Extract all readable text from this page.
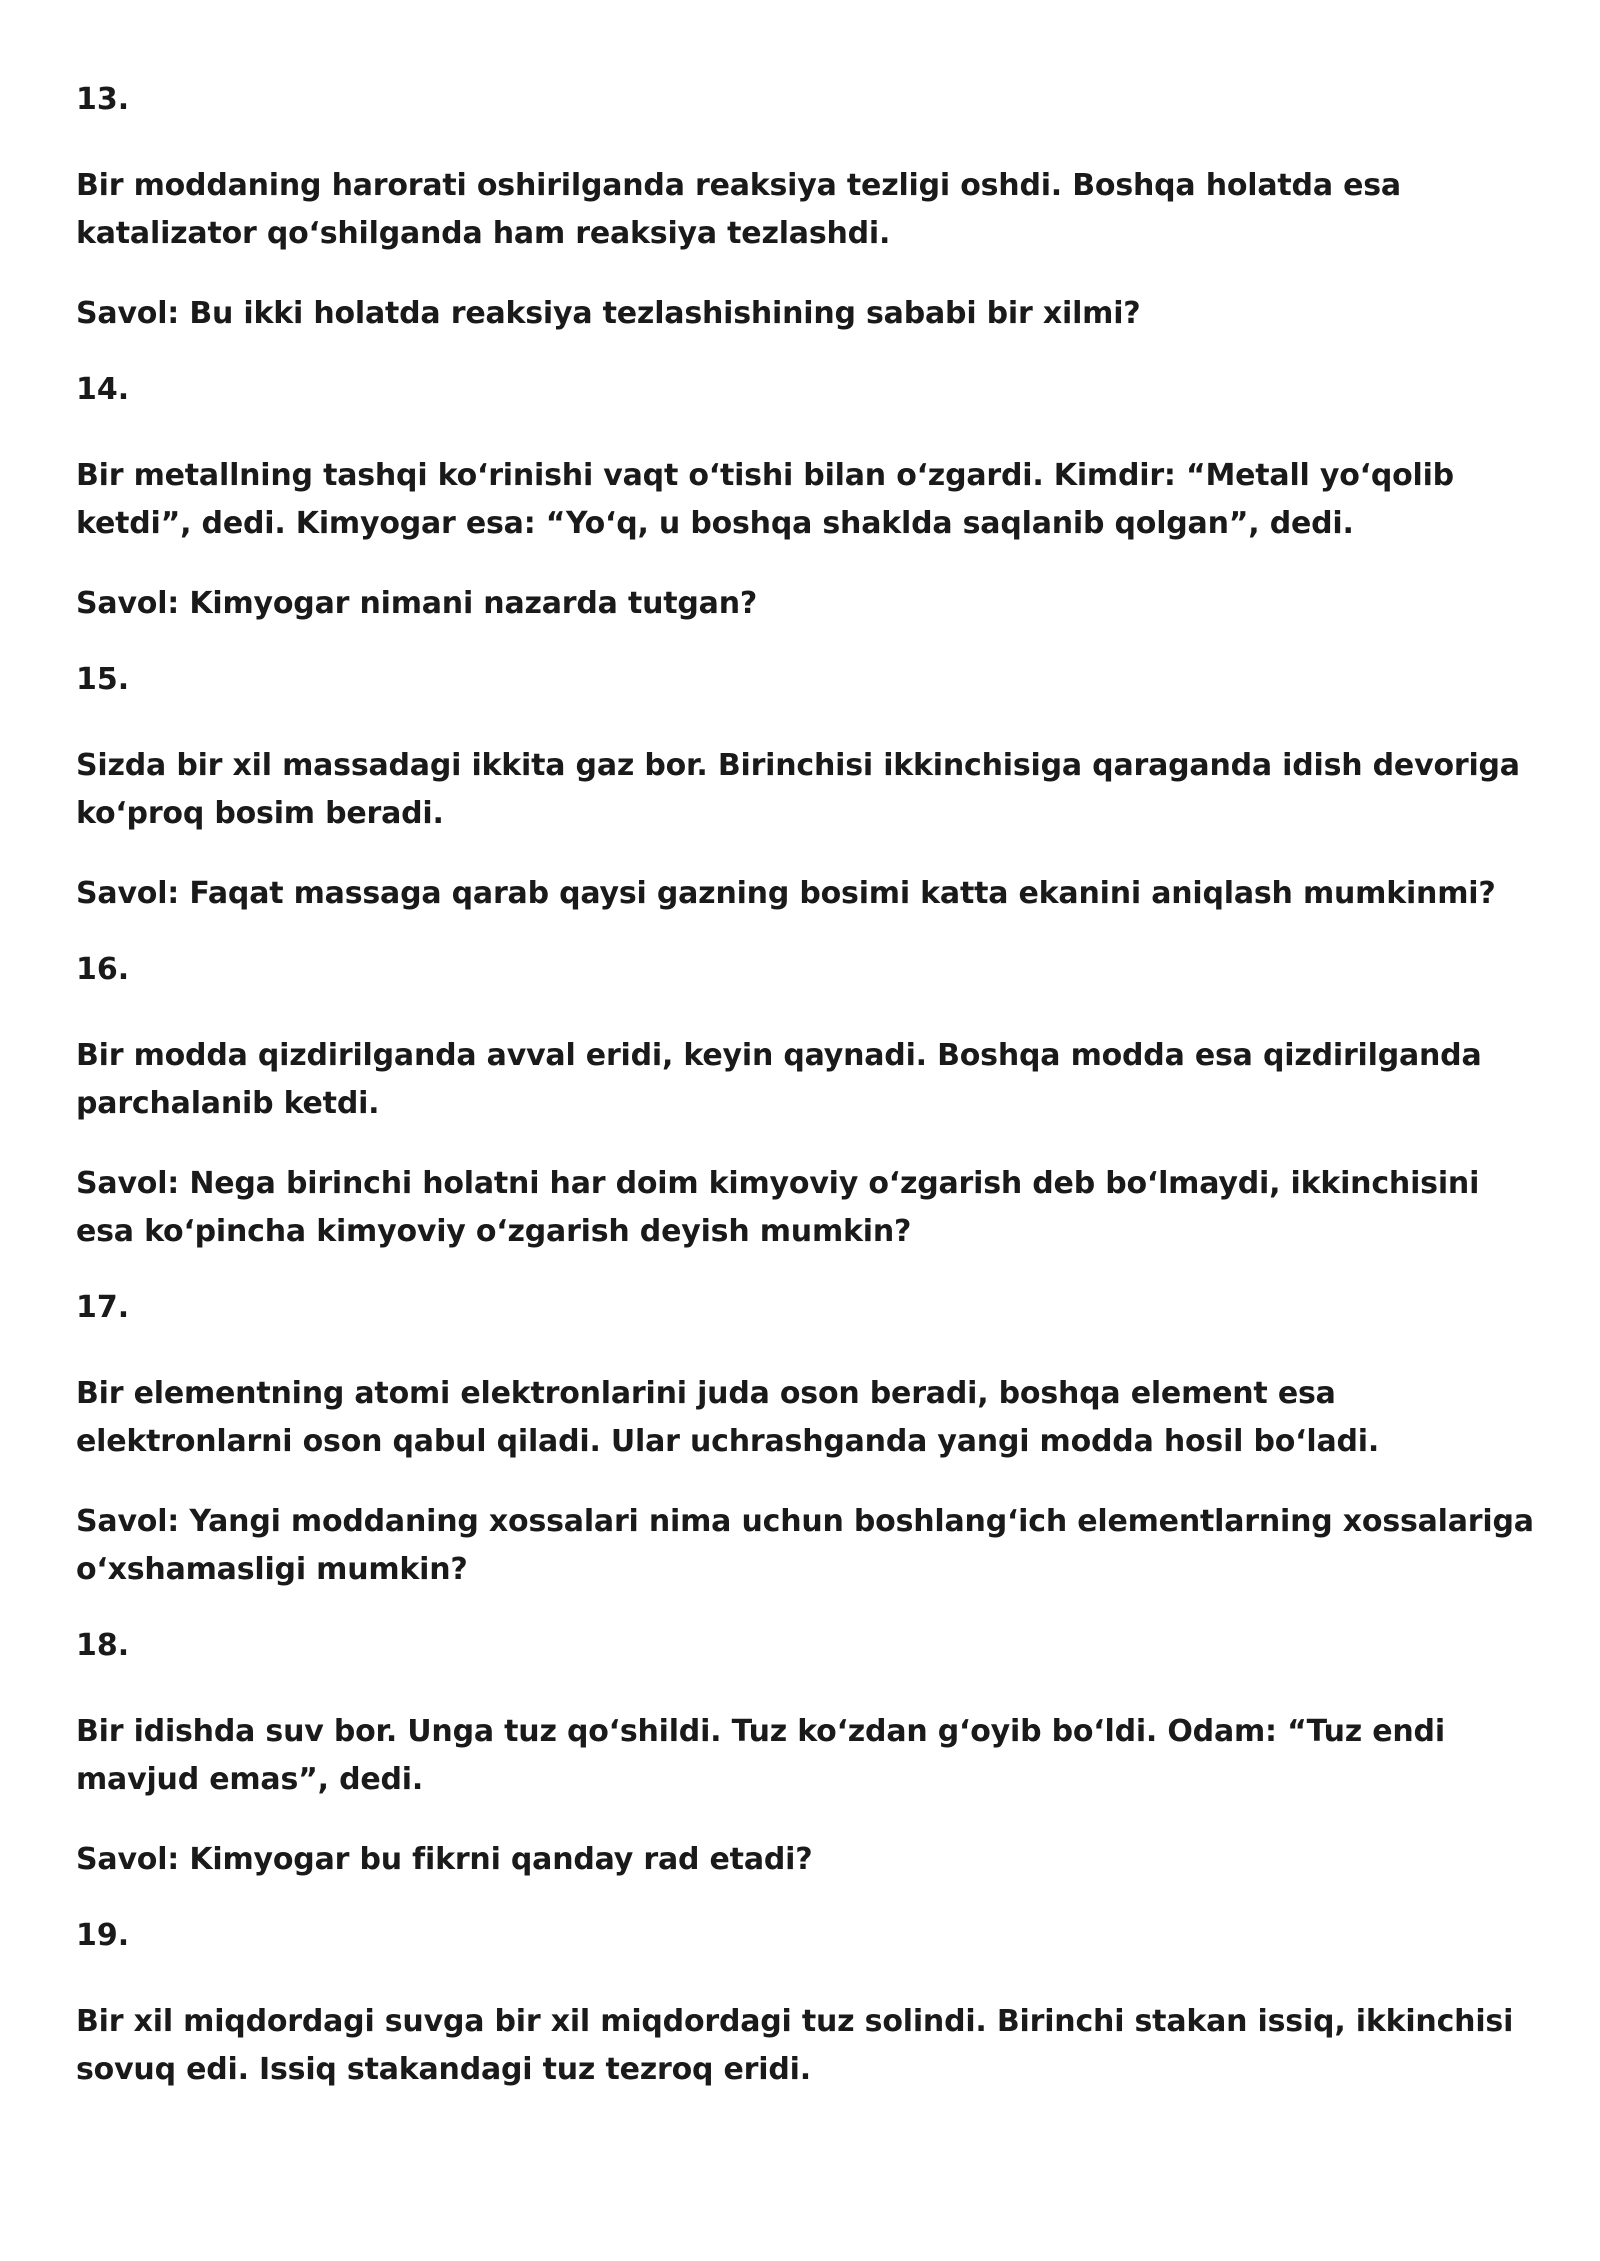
13.

Bir moddaning harorati oshirilganda reaksiya tezligi oshdi. Boshqa holatda esa katalizator qo‘shilganda ham reaksiya tezlashdi.

Savol: Bu ikki holatda reaksiya tezlashishining sababi bir xilmi?

14.

Bir metallning tashqi ko‘rinishi vaqt o‘tishi bilan o‘zgardi. Kimdir: “Metall yo‘qolib ketdi”, dedi. Kimyogar esa: “Yo‘q, u boshqa shaklda saqlanib qolgan”, dedi.

Savol: Kimyogar nimani nazarda tutgan?

15.

Sizda bir xil massadagi ikkita gaz bor. Birinchisi ikkinchisiga qaraganda idish devoriga ko‘proq bosim beradi.

Savol: Faqat massaga qarab qaysi gazning bosimi katta ekanini aniqlash mumkinmi?

16.

Bir modda qizdirilganda avval eridi, keyin qaynadi. Boshqa modda esa qizdirilganda parchalanib ketdi.

Savol: Nega birinchi holatni har doim kimyoviy o‘zgarish deb bo‘lmaydi, ikkinchisini esa ko‘pincha kimyoviy o‘zgarish deyish mumkin?

17.

Bir elementning atomi elektronlarini juda oson beradi, boshqa element esa elektronlarni oson qabul qiladi. Ular uchrashganda yangi modda hosil bo‘ladi.

Savol: Yangi moddaning xossalari nima uchun boshlang‘ich elementlarning xossalariga o‘xshamasligi mumkin?

18.

Bir idishda suv bor. Unga tuz qo‘shildi. Tuz ko‘zdan g‘oyib bo‘ldi. Odam: “Tuz endi mavjud emas”, dedi.

Savol: Kimyogar bu fikrni qanday rad etadi?

19.

Bir xil miqdordagi suvga bir xil miqdordagi tuz solindi. Birinchi stakan issiq, ikkinchisi sovuq edi. Issiq stakandagi tuz tezroq eridi.
